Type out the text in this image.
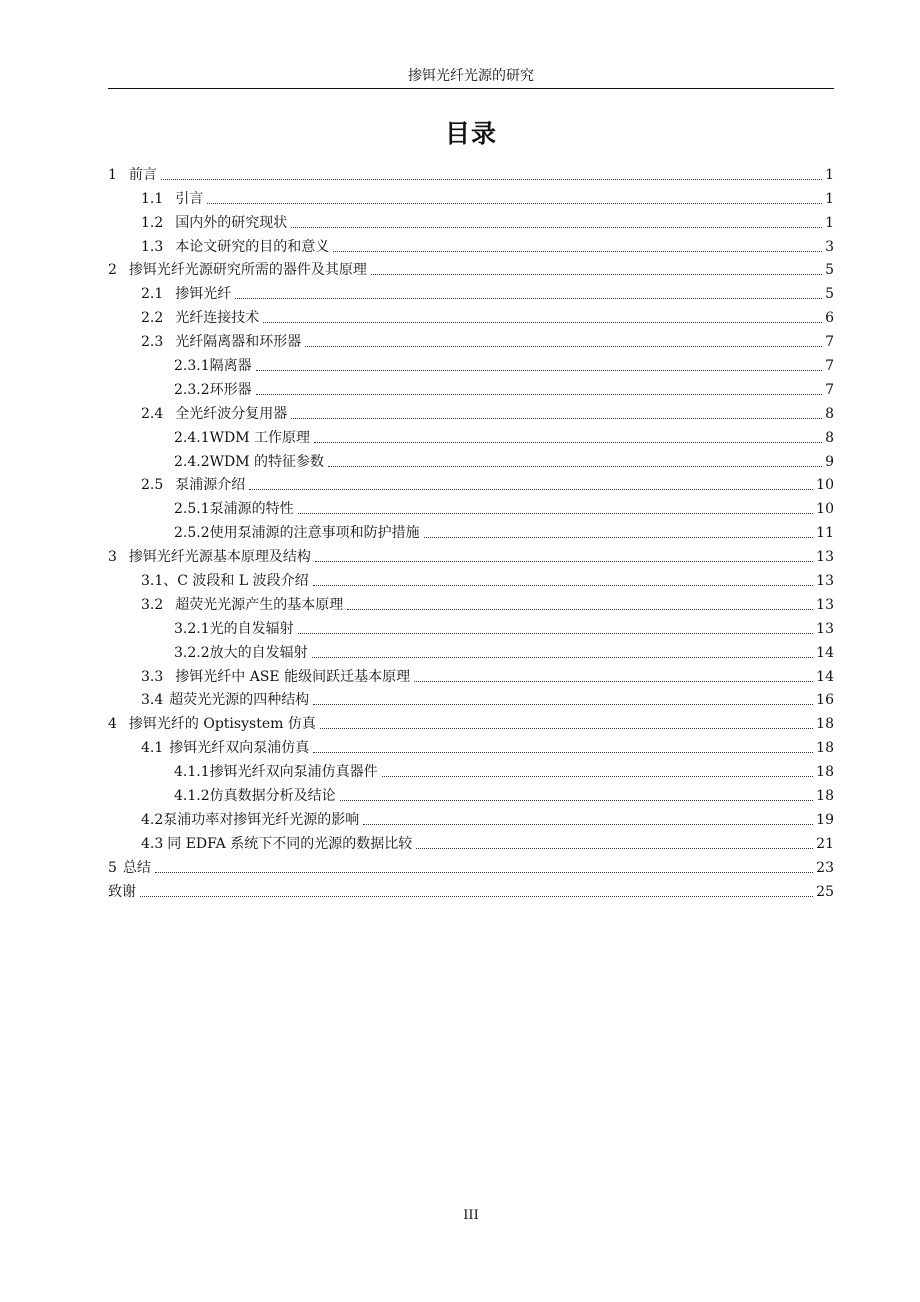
掺铒光纤光源的研究
目录
1 前言	1
1.1 引言	1
1.2 国内外的研究现状	1
1.3 本论文研究的目的和意义	3
2 掺铒光纤光源研究所需的器件及其原理	5
2.1 掺铒光纤	5
2.2 光纤连接技术	6
2.3 光纤隔离器和环形器	7
2.3.1 隔离器	7
2.3.2 环形器	7
2.4 全光纤波分复用器	8
2.4.1 WDM 工作原理	8
2.4.2 WDM 的特征参数	9
2.5 泵浦源介绍	10
2.5.1 泵浦源的特性	10
2.5.2 使用泵浦源的注意事项和防护措施	11
3 掺铒光纤光源基本原理及结构	13
3.1 、C 波段和 L 波段介绍	13
3.2 超荧光光源产生的基本原理	13
3.2.1 光的自发辐射	13
3.2.2 放大的自发辐射	14
3.3 掺铒光纤中 ASE 能级间跃迁基本原理	14
3.4 超荧光光源的四种结构	16
4 掺铒光纤的 Optisystem 仿真	18
4.1 掺铒光纤双向泵浦仿真	18
4.1.1 掺铒光纤双向泵浦仿真器件	18
4.1.2 仿真数据分析及结论	18
4.2 泵浦功率对掺铒光纤光源的影响	19
4.3 同 EDFA 系统下不同的光源的数据比较	21
5 总结	23
致谢	25
III
